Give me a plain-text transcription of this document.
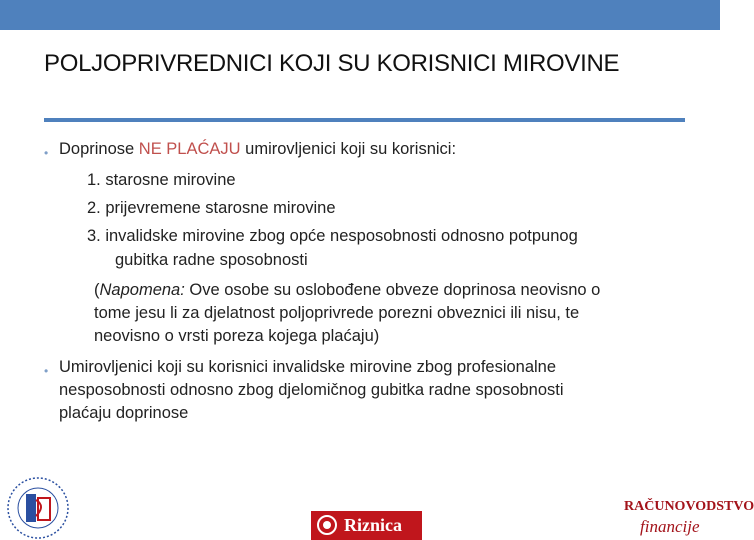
POLJOPRIVREDNICI KOJI SU KORISNICI MIROVINE
• Doprinose NE PLAĆAJU umirovljenici koji su korisnici:
1. starosne mirovine
2. prijevremene starosne mirovine
3. invalidske mirovine zbog opće nesposobnosti odnosno potpunog
gubitka radne sposobnosti
(Napomena: Ove osobe su oslobođene obveze doprinosa neovisno o
tome jesu li za djelatnost poljoprivrede porezni obveznici ili nisu, te
neovisno o vrsti poreza kojega plaćaju)
• Umirovljenici koji su korisnici invalidske mirovine zbog profesionalne
nesposobnosti odnosno zbog djelomičnog gubitka radne sposobnosti
plaćaju doprinose
Riznica
RAČUNOVODSTVO
financije
